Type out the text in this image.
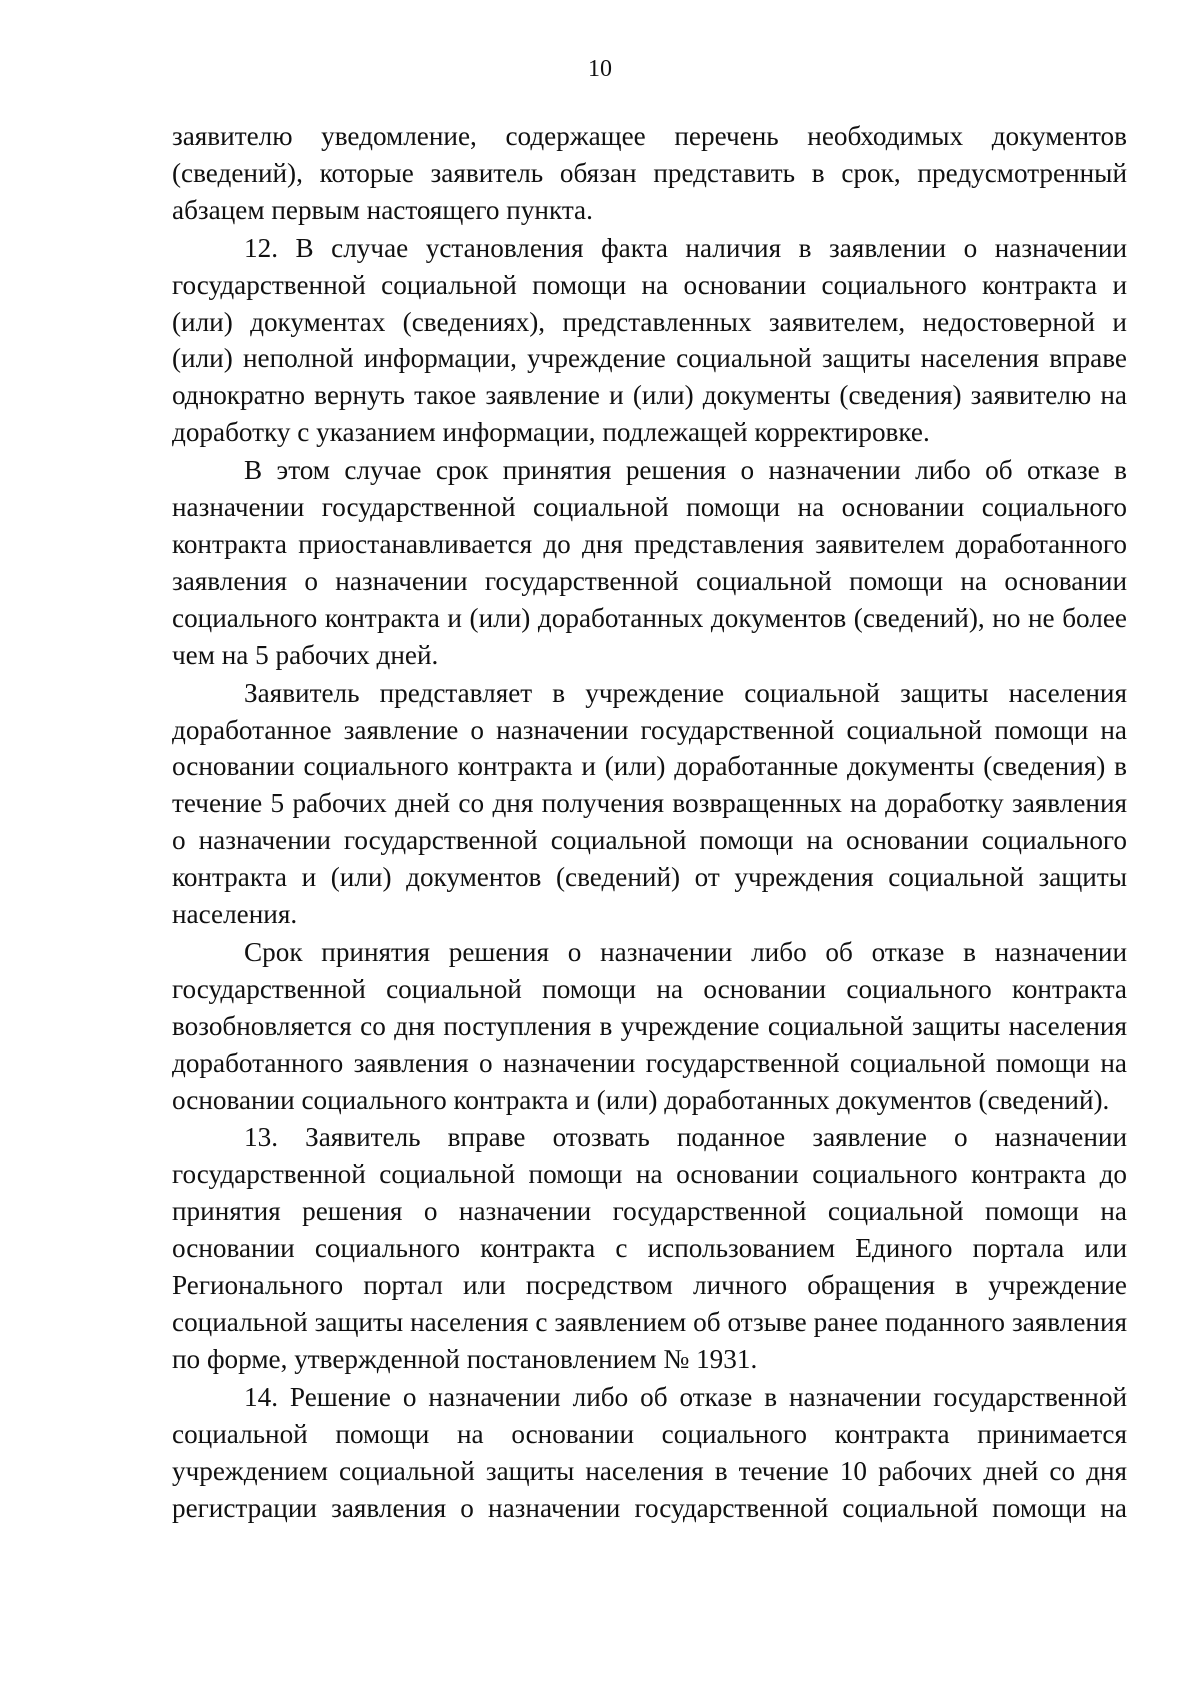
10

заявителю уведомление, содержащее перечень необходимых документов (сведений), которые заявитель обязан представить в срок, предусмотренный абзацем первым настоящего пункта.

12. В случае установления факта наличия в заявлении о назначении государственной социальной помощи на основании социального контракта и (или) документах (сведениях), представленных заявителем, недостоверной и (или) неполной информации, учреждение социальной защиты населения вправе однократно вернуть такое заявление и (или) документы (сведения) заявителю на доработку с указанием информации, подлежащей корректировке.

В этом случае срок принятия решения о назначении либо об отказе в назначении государственной социальной помощи на основании социального контракта приостанавливается до дня представления заявителем доработанного заявления о назначении государственной социальной помощи на основании социального контракта и (или) доработанных документов (сведений), но не более чем на 5 рабочих дней.

Заявитель представляет в учреждение социальной защиты населения доработанное заявление о назначении государственной социальной помощи на основании социального контракта и (или) доработанные документы (сведения) в течение 5 рабочих дней со дня получения возвращенных на доработку заявления о назначении государственной социальной помощи на основании социального контракта и (или) документов (сведений) от учреждения социальной защиты населения.

Срок принятия решения о назначении либо об отказе в назначении государственной социальной помощи на основании социального контракта возобновляется со дня поступления в учреждение социальной защиты населения доработанного заявления о назначении государственной социальной помощи на основании социального контракта и (или) доработанных документов (сведений).

13. Заявитель вправе отозвать поданное заявление о назначении государственной социальной помощи на основании социального контракта до принятия решения о назначении государственной социальной помощи на основании социального контракта с использованием Единого портала или Регионального портал или посредством личного обращения в учреждение социальной защиты населения с заявлением об отзыве ранее поданного заявления по форме, утвержденной постановлением № 1931.

14. Решение о назначении либо об отказе в назначении государственной социальной помощи на основании социального контракта принимается учреждением социальной защиты населения в течение 10 рабочих дней со дня регистрации заявления о назначении государственной социальной помощи на
